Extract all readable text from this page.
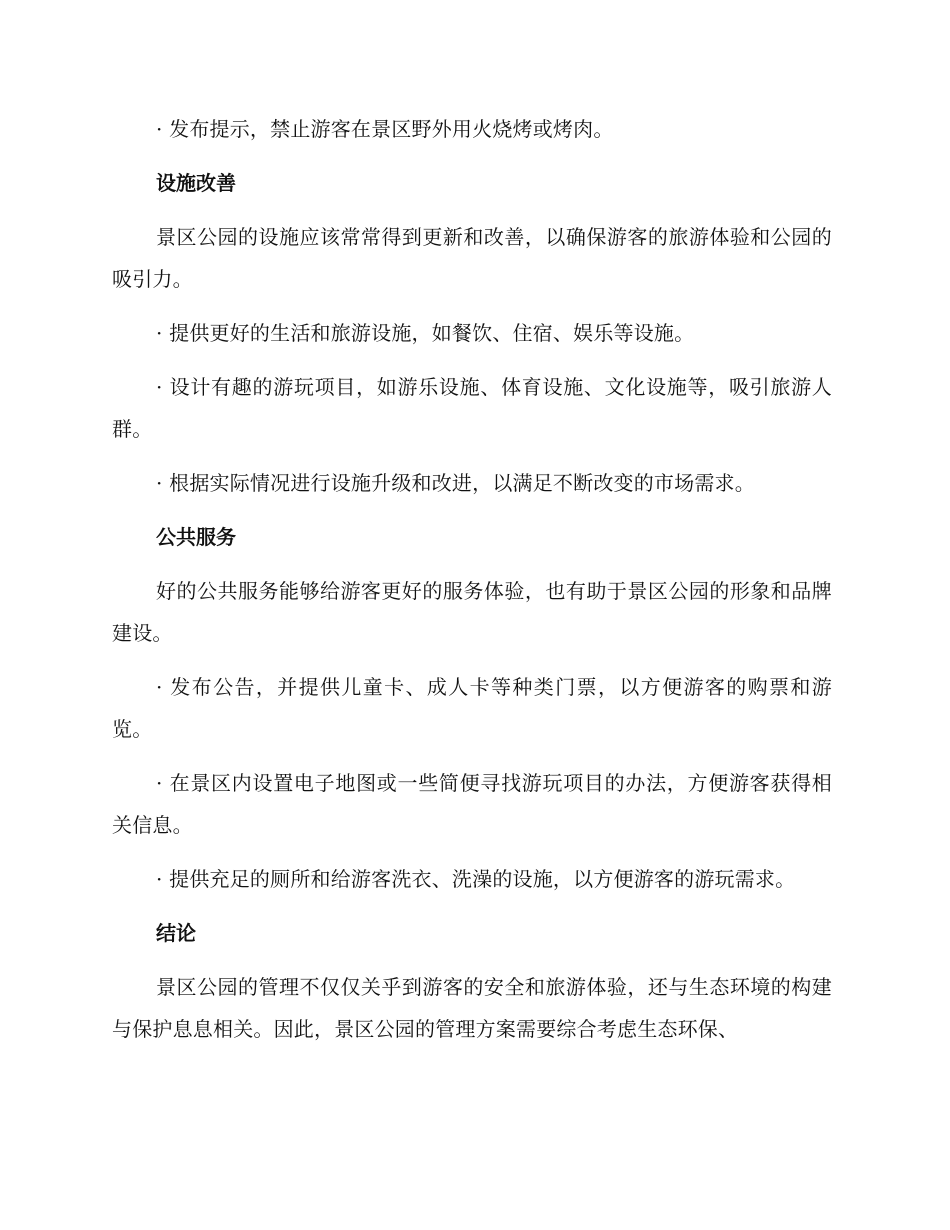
· 发布提示，禁止游客在景区野外用火烧烤或烤肉。

设施改善

景区公园的设施应该常常得到更新和改善，以确保游客的旅游体验和公园的吸引力。

· 提供更好的生活和旅游设施，如餐饮、住宿、娱乐等设施。

· 设计有趣的游玩项目，如游乐设施、体育设施、文化设施等，吸引旅游人群。

· 根据实际情况进行设施升级和改进，以满足不断改变的市场需求。

公共服务

好的公共服务能够给游客更好的服务体验，也有助于景区公园的形象和品牌建设。

· 发布公告，并提供儿童卡、成人卡等种类门票，以方便游客的购票和游览。

· 在景区内设置电子地图或一些简便寻找游玩项目的办法，方便游客获得相关信息。

· 提供充足的厕所和给游客洗衣、洗澡的设施，以方便游客的游玩需求。

结论

景区公园的管理不仅仅关乎到游客的安全和旅游体验，还与生态环境的构建与保护息息相关。因此，景区公园的管理方案需要综合考虑生态环保、
